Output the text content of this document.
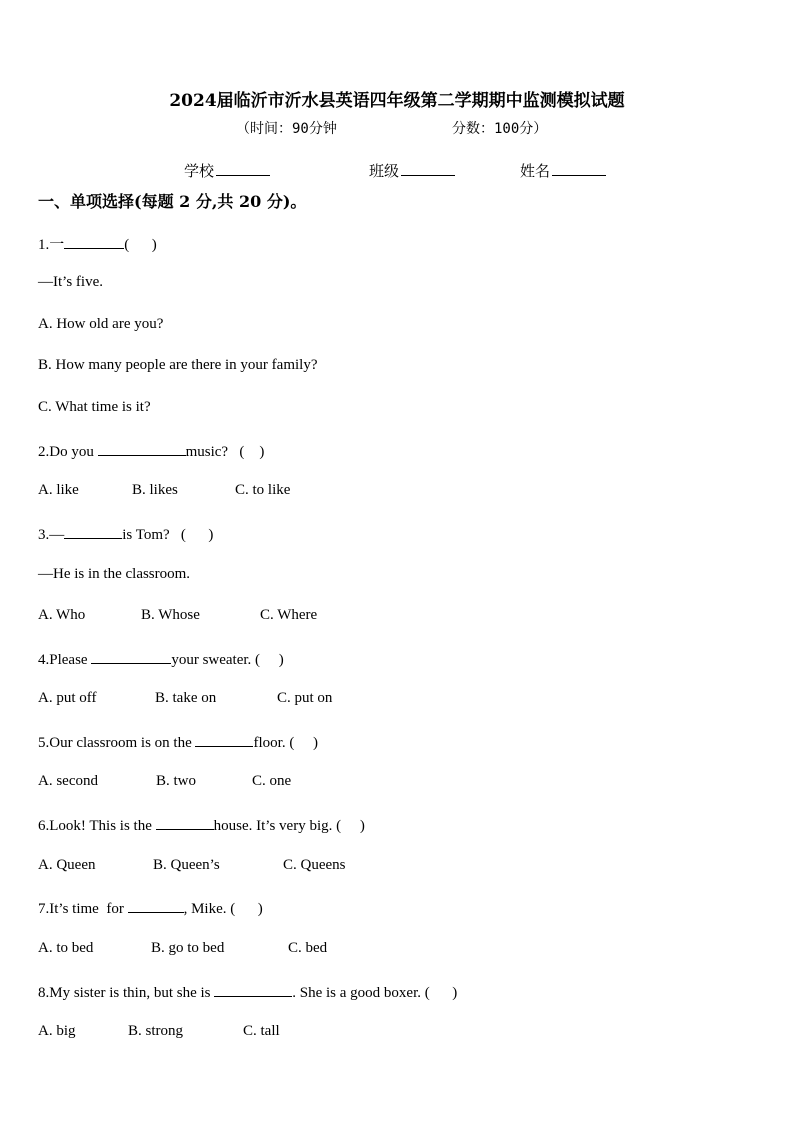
2024届临沂市沂水县英语四年级第二学期期中监测模拟试题
（时间：90分钟	分数：100分）
学校	班级	姓名
一、单项选择(每题 2 分,共 20 分)。
1.一	(      )
—It’s five.
A. How old are you?
B. How many people are there in your family?
C. What time is it?
2.Do you	music?   (    )
A. like	B. likes	C. to like
3.—	is Tom?   (      )
—He is in the classroom.
A. Who	B. Whose	C. Where
4.Please	your sweater. (     )
A. put off	B. take on	C. put on
5.Our classroom is on the	floor. (     )
A. second	B. two	C. one
6.Look! This is the	house. It’s very big. (     )
A. Queen	B. Queen’s	C. Queens
7.It’s time  for	, Mike. (      )
A. to bed	B. go to bed	C. bed
8.My sister is thin, but she is	. She is a good boxer. (      )
A. big	B. strong	C. tall
